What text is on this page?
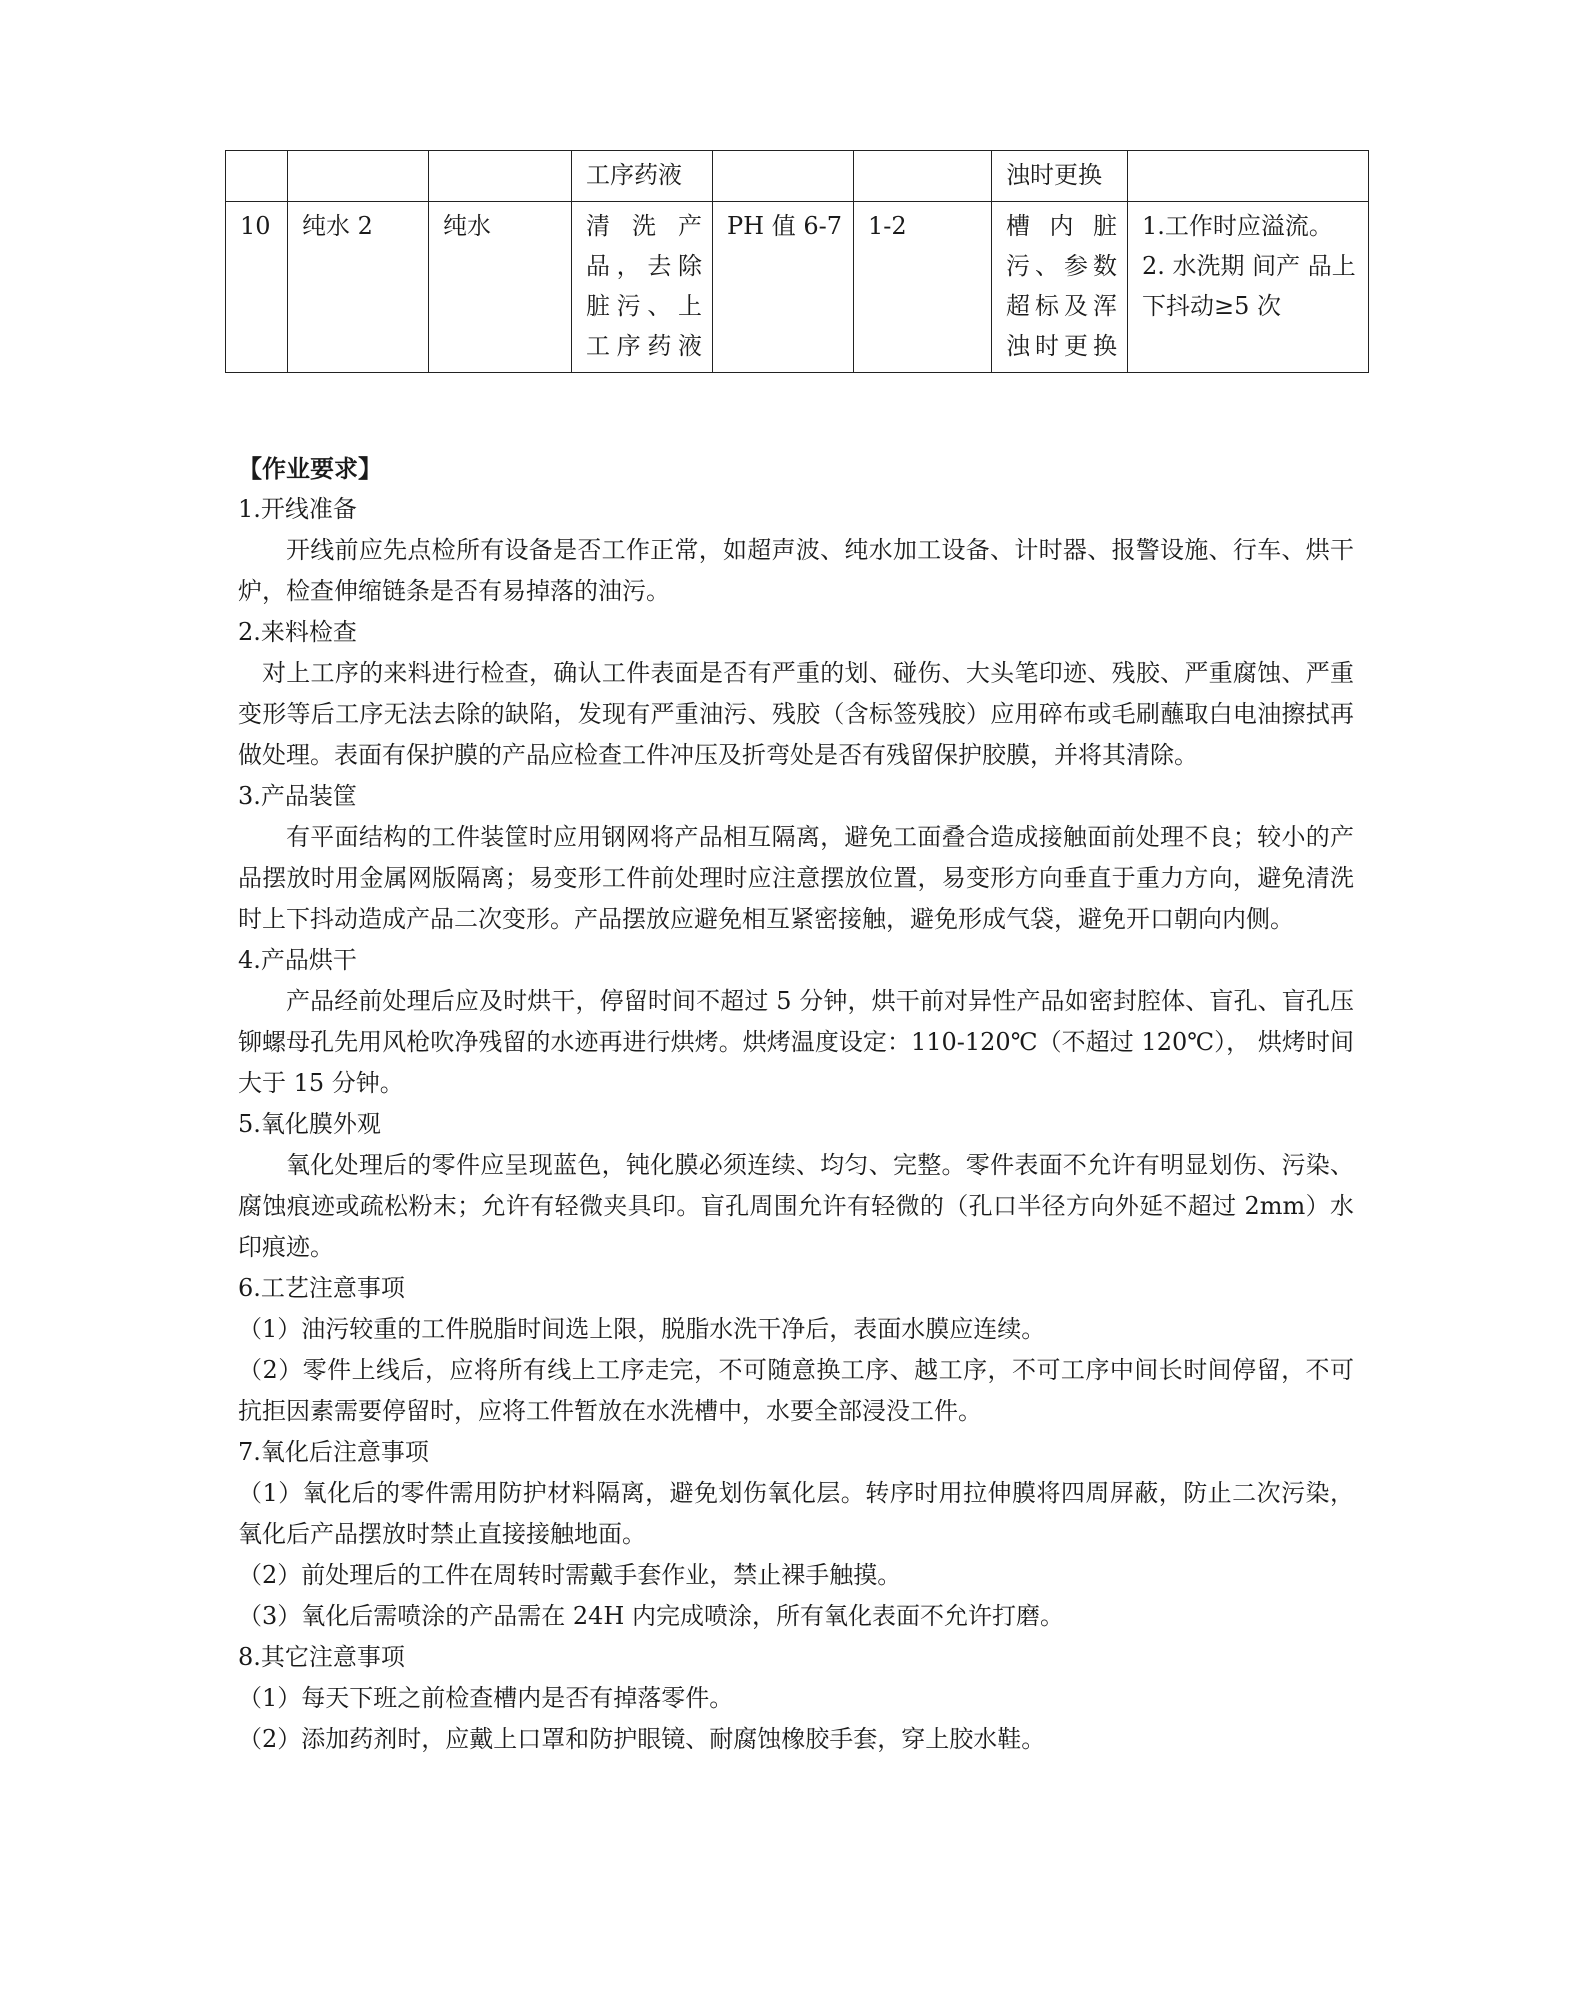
			工序药液			浊时更换	
10	纯水 2	纯水	清洗产品，去除脏污、上工序药液	PH 值 6-7	1-2	槽内脏污、参数超标及浑浊时更换	1.工作时应溢流。
2. 水洗期 间产 品上下抖动≥5 次

【作业要求】

1.开线准备

开线前应先点检所有设备是否工作正常，如超声波、纯水加工设备、计时器、报警设施、行车、烘干炉，检查伸缩链条是否有易掉落的油污。

2.来料检查

对上工序的来料进行检查，确认工件表面是否有严重的划、碰伤、大头笔印迹、残胶、严重腐蚀、严重变形等后工序无法去除的缺陷，发现有严重油污、残胶（含标签残胶）应用碎布或毛刷蘸取白电油擦拭再做处理。表面有保护膜的产品应检查工件冲压及折弯处是否有残留保护胶膜，并将其清除。

3.产品装筐

有平面结构的工件装筐时应用钢网将产品相互隔离，避免工面叠合造成接触面前处理不良；较小的产品摆放时用金属网版隔离；易变形工件前处理时应注意摆放位置，易变形方向垂直于重力方向，避免清洗时上下抖动造成产品二次变形。产品摆放应避免相互紧密接触，避免形成气袋，避免开口朝向内侧。

4.产品烘干

产品经前处理后应及时烘干，停留时间不超过 5 分钟，烘干前对异性产品如密封腔体、盲孔、盲孔压铆螺母孔先用风枪吹净残留的水迹再进行烘烤。烘烤温度设定：110-120℃（不超过 120℃）， 烘烤时间大于 15 分钟。

5.氧化膜外观

氧化处理后的零件应呈现蓝色，钝化膜必须连续、均匀、完整。零件表面不允许有明显划伤、污染、腐蚀痕迹或疏松粉末；允许有轻微夹具印。盲孔周围允许有轻微的（孔口半径方向外延不超过 2mm）水印痕迹。

6.工艺注意事项

（1）油污较重的工件脱脂时间选上限，脱脂水洗干净后，表面水膜应连续。

（2）零件上线后，应将所有线上工序走完，不可随意换工序、越工序，不可工序中间长时间停留，不可抗拒因素需要停留时，应将工件暂放在水洗槽中，水要全部浸没工件。

7.氧化后注意事项

（1）氧化后的零件需用防护材料隔离，避免划伤氧化层。转序时用拉伸膜将四周屏蔽，防止二次污染，氧化后产品摆放时禁止直接接触地面。

（2）前处理后的工件在周转时需戴手套作业，禁止裸手触摸。

（3）氧化后需喷涂的产品需在 24H 内完成喷涂，所有氧化表面不允许打磨。

8.其它注意事项

（1）每天下班之前检查槽内是否有掉落零件。

（2）添加药剂时，应戴上口罩和防护眼镜、耐腐蚀橡胶手套，穿上胶水鞋。
